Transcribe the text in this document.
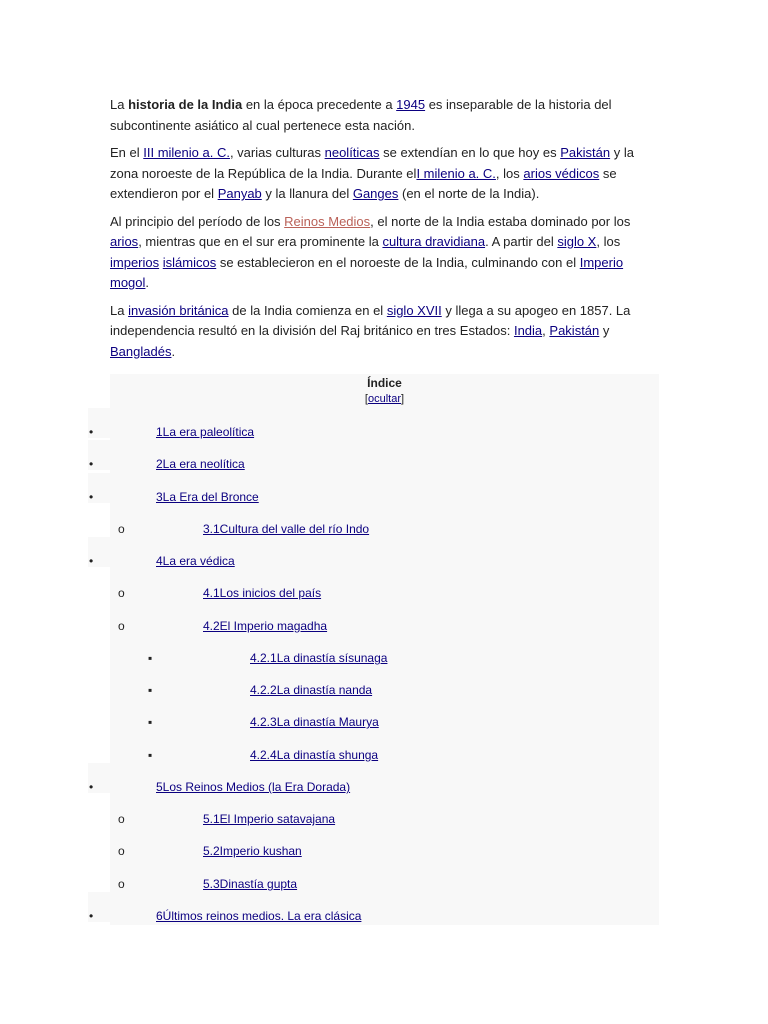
La historia de la India en la época precedente a 1945 es inseparable de la historia del subcontinente asiático al cual pertenece esta nación.

En el III milenio a. C., varias culturas neolíticas se extendían en lo que hoy es Pakistán y la zona noroeste de la República de la India. Durante elI milenio a. C., los arios védicos se extendieron por el Panyab y la llanura del Ganges (en el norte de la India).

Al principio del período de los Reinos Medios, el norte de la India estaba dominado por los arios, mientras que en el sur era prominente la cultura dravidiana. A partir del siglo X, los imperios islámicos se establecieron en el noroeste de la India, culminando con el Imperio mogol.

La invasión británica de la India comienza en el siglo XVII y llega a su apogeo en 1857. La independencia resultó en la división del Raj británico en tres Estados: India, Pakistán y Bangladés.

Índice
[ocultar]
•	1La era paleolítica
•	2La era neolítica
•	3La Era del Bronce
o	3.1Cultura del valle del río Indo
•	4La era védica
o	4.1Los inicios del país
o	4.2El Imperio magadha
▪	4.2.1La dinastía sísunaga
▪	4.2.2La dinastía nanda
▪	4.2.3La dinastía Maurya
▪	4.2.4La dinastía shunga
•	5Los Reinos Medios (la Era Dorada)
o	5.1El Imperio satavajana
o	5.2Imperio kushan
o	5.3Dinastía gupta
•	6Últimos reinos medios. La era clásica
